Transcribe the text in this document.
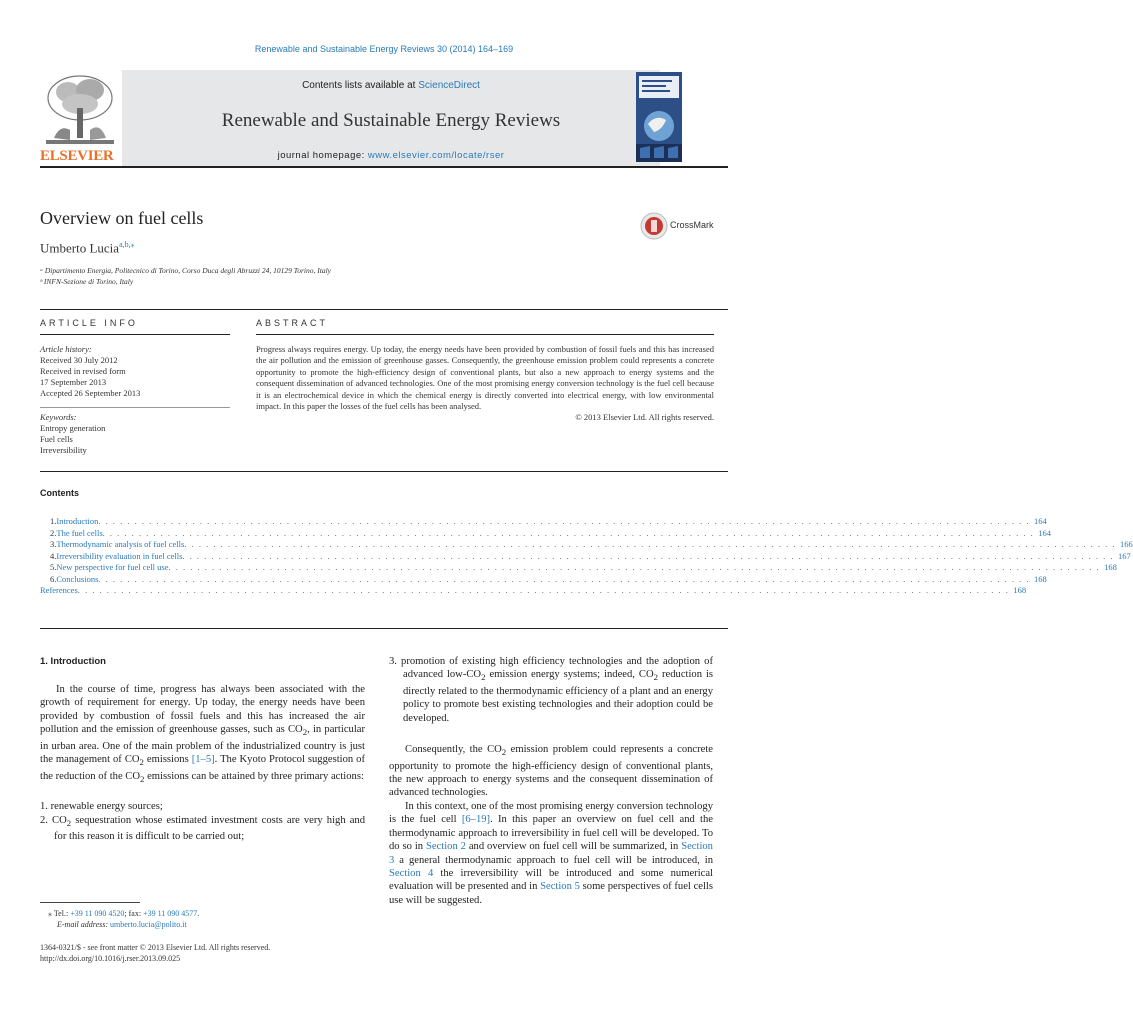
Renewable and Sustainable Energy Reviews 30 (2014) 164–169
ELSEVIER
Contents lists available at ScienceDirect
Renewable and Sustainable Energy Reviews
journal homepage: www.elsevier.com/locate/rser
Overview on fuel cells	CrossMark
Umberto Lucia$^{a,b,⁎}$
ᵃ Dipartimento Energia, Politecnico di Torino, Corso Duca degli Abruzzi 24, 10129 Torino, Italy
ᵇ INFN-Sezione di Torino, Italy
ARTICLE INFO	ABSTRACT
Article history:
Received 30 July 2012
Received in revised form
17 September 2013
Accepted 26 September 2013
Keywords:
Entropy generation
Fuel cells
Irreversibility
Progress always requires energy. Up today, the energy needs have been provided by combustion of fossil fuels and this has increased the air pollution and the emission of greenhouse gasses. Consequently, the greenhouse emission problem could represents a concrete opportunity to promote the high-efficiency design of conventional plants, but also a new approach to energy systems and the consequent dissemination of advanced technologies. One of the most promising energy conversion technology is the fuel cell because it is an electrochemical device in which the chemical energy is directly converted into electrical energy, with low environmental impact. In this paper the losses of the fuel cells has been analysed.
© 2013 Elsevier Ltd. All rights reserved.
Contents
1. Introduction . . . . . . . . . . . . . . . . . . . . . . . . . . . . . . . . . . . . . . . . . . . . . . . . . . . . . . . . . . . . . . . . . . . . . . . . . . . . . . . . . . . . . . . . . . . . . . . . . . . . . . . . . . . . . . . . . . . . . . . . . . . . . . . . . 164
2. The fuel cells . . . . . . . . . . . . . . . . . . . . . . . . . . . . . . . . . . . . . . . . . . . . . . . . . . . . . . . . . . . . . . . . . . . . . . . . . . . . . . . . . . . . . . . . . . . . . . . . . . . . . . . . . . . . . . . . . . . . . . . . . . . . . . . . . 164
3. Thermodynamic analysis of fuel cells . . . . . . . . . . . . . . . . . . . . . . . . . . . . . . . . . . . . . . . . . . . . . . . . . . . . . . . . . . . . . . . . . . . . . . . . . . . . . . . . . . . . . . . . . . . . . . . . . . . . . . . . . . . . . . . . . . . . . . . . . . . . . . . . . 166
4. Irreversibility evaluation in fuel cells . . . . . . . . . . . . . . . . . . . . . . . . . . . . . . . . . . . . . . . . . . . . . . . . . . . . . . . . . . . . . . . . . . . . . . . . . . . . . . . . . . . . . . . . . . . . . . . . . . . . . . . . . . . . . . . . . . . . . . . . . . . . . . . . . 167
5. New perspective for fuel cell use . . . . . . . . . . . . . . . . . . . . . . . . . . . . . . . . . . . . . . . . . . . . . . . . . . . . . . . . . . . . . . . . . . . . . . . . . . . . . . . . . . . . . . . . . . . . . . . . . . . . . . . . . . . . . . . . . . . . . . . . . . . . . . . . . 168
6. Conclusions . . . . . . . . . . . . . . . . . . . . . . . . . . . . . . . . . . . . . . . . . . . . . . . . . . . . . . . . . . . . . . . . . . . . . . . . . . . . . . . . . . . . . . . . . . . . . . . . . . . . . . . . . . . . . . . . . . . . . . . . . . . . . . . . . 168
References . . . . . . . . . . . . . . . . . . . . . . . . . . . . . . . . . . . . . . . . . . . . . . . . . . . . . . . . . . . . . . . . . . . . . . . . . . . . . . . . . . . . . . . . . . . . . . . . . . . . . . . . . . . . . . . . . . . . . . . . . . . . . . . . . 168
1. Introduction
In the course of time, progress has always been associated with the growth of requirement for energy. Up today, the energy needs have been provided by combustion of fossil fuels and this has increased the air pollution and the emission of greenhouse gasses, such as $CO_2$, in particular in urban area. One of the main problem of the industrialized country is just the management of $CO_2$ emissions [1–5]. The Kyoto Protocol suggestion of the reduction of the $CO_2$ emissions can be attained by three primary actions:
1. renewable energy sources;
2. $CO_2$ sequestration whose estimated investment costs are very high and for this reason it is difficult to be carried out;
⁎ Tel.: +39 11 090 4520; fax: +39 11 090 4577.
E-mail address: umberto.lucia@polito.it
1364-0321/$ - see front matter © 2013 Elsevier Ltd. All rights reserved.
http://dx.doi.org/10.1016/j.rser.2013.09.025
3. promotion of existing high efficiency technologies and the adoption of advanced low-$CO_2$ emission energy systems; indeed, $CO_2$ reduction is directly related to the thermodynamic efficiency of a plant and an energy policy to promote best existing technologies and their adoption could be developed.
Consequently, the $CO_2$ emission problem could represents a concrete opportunity to promote the high-efficiency design of conventional plants, the new approach to energy systems and the consequent dissemination of advanced technologies.
In this context, one of the most promising energy conversion technology is the fuel cell [6–19]. In this paper an overview on fuel cell and the thermodynamic approach to irreversibility in fuel cell will be developed. To do so in Section 2 and overview on fuel cell will be summarized, in Section 3 a general thermodynamic approach to fuel cell will be introduced, in Section 4 the irreversibility will be introduced and some numerical evaluation will be presented and in Section 5 some perspectives of fuel cells use will be suggested.
